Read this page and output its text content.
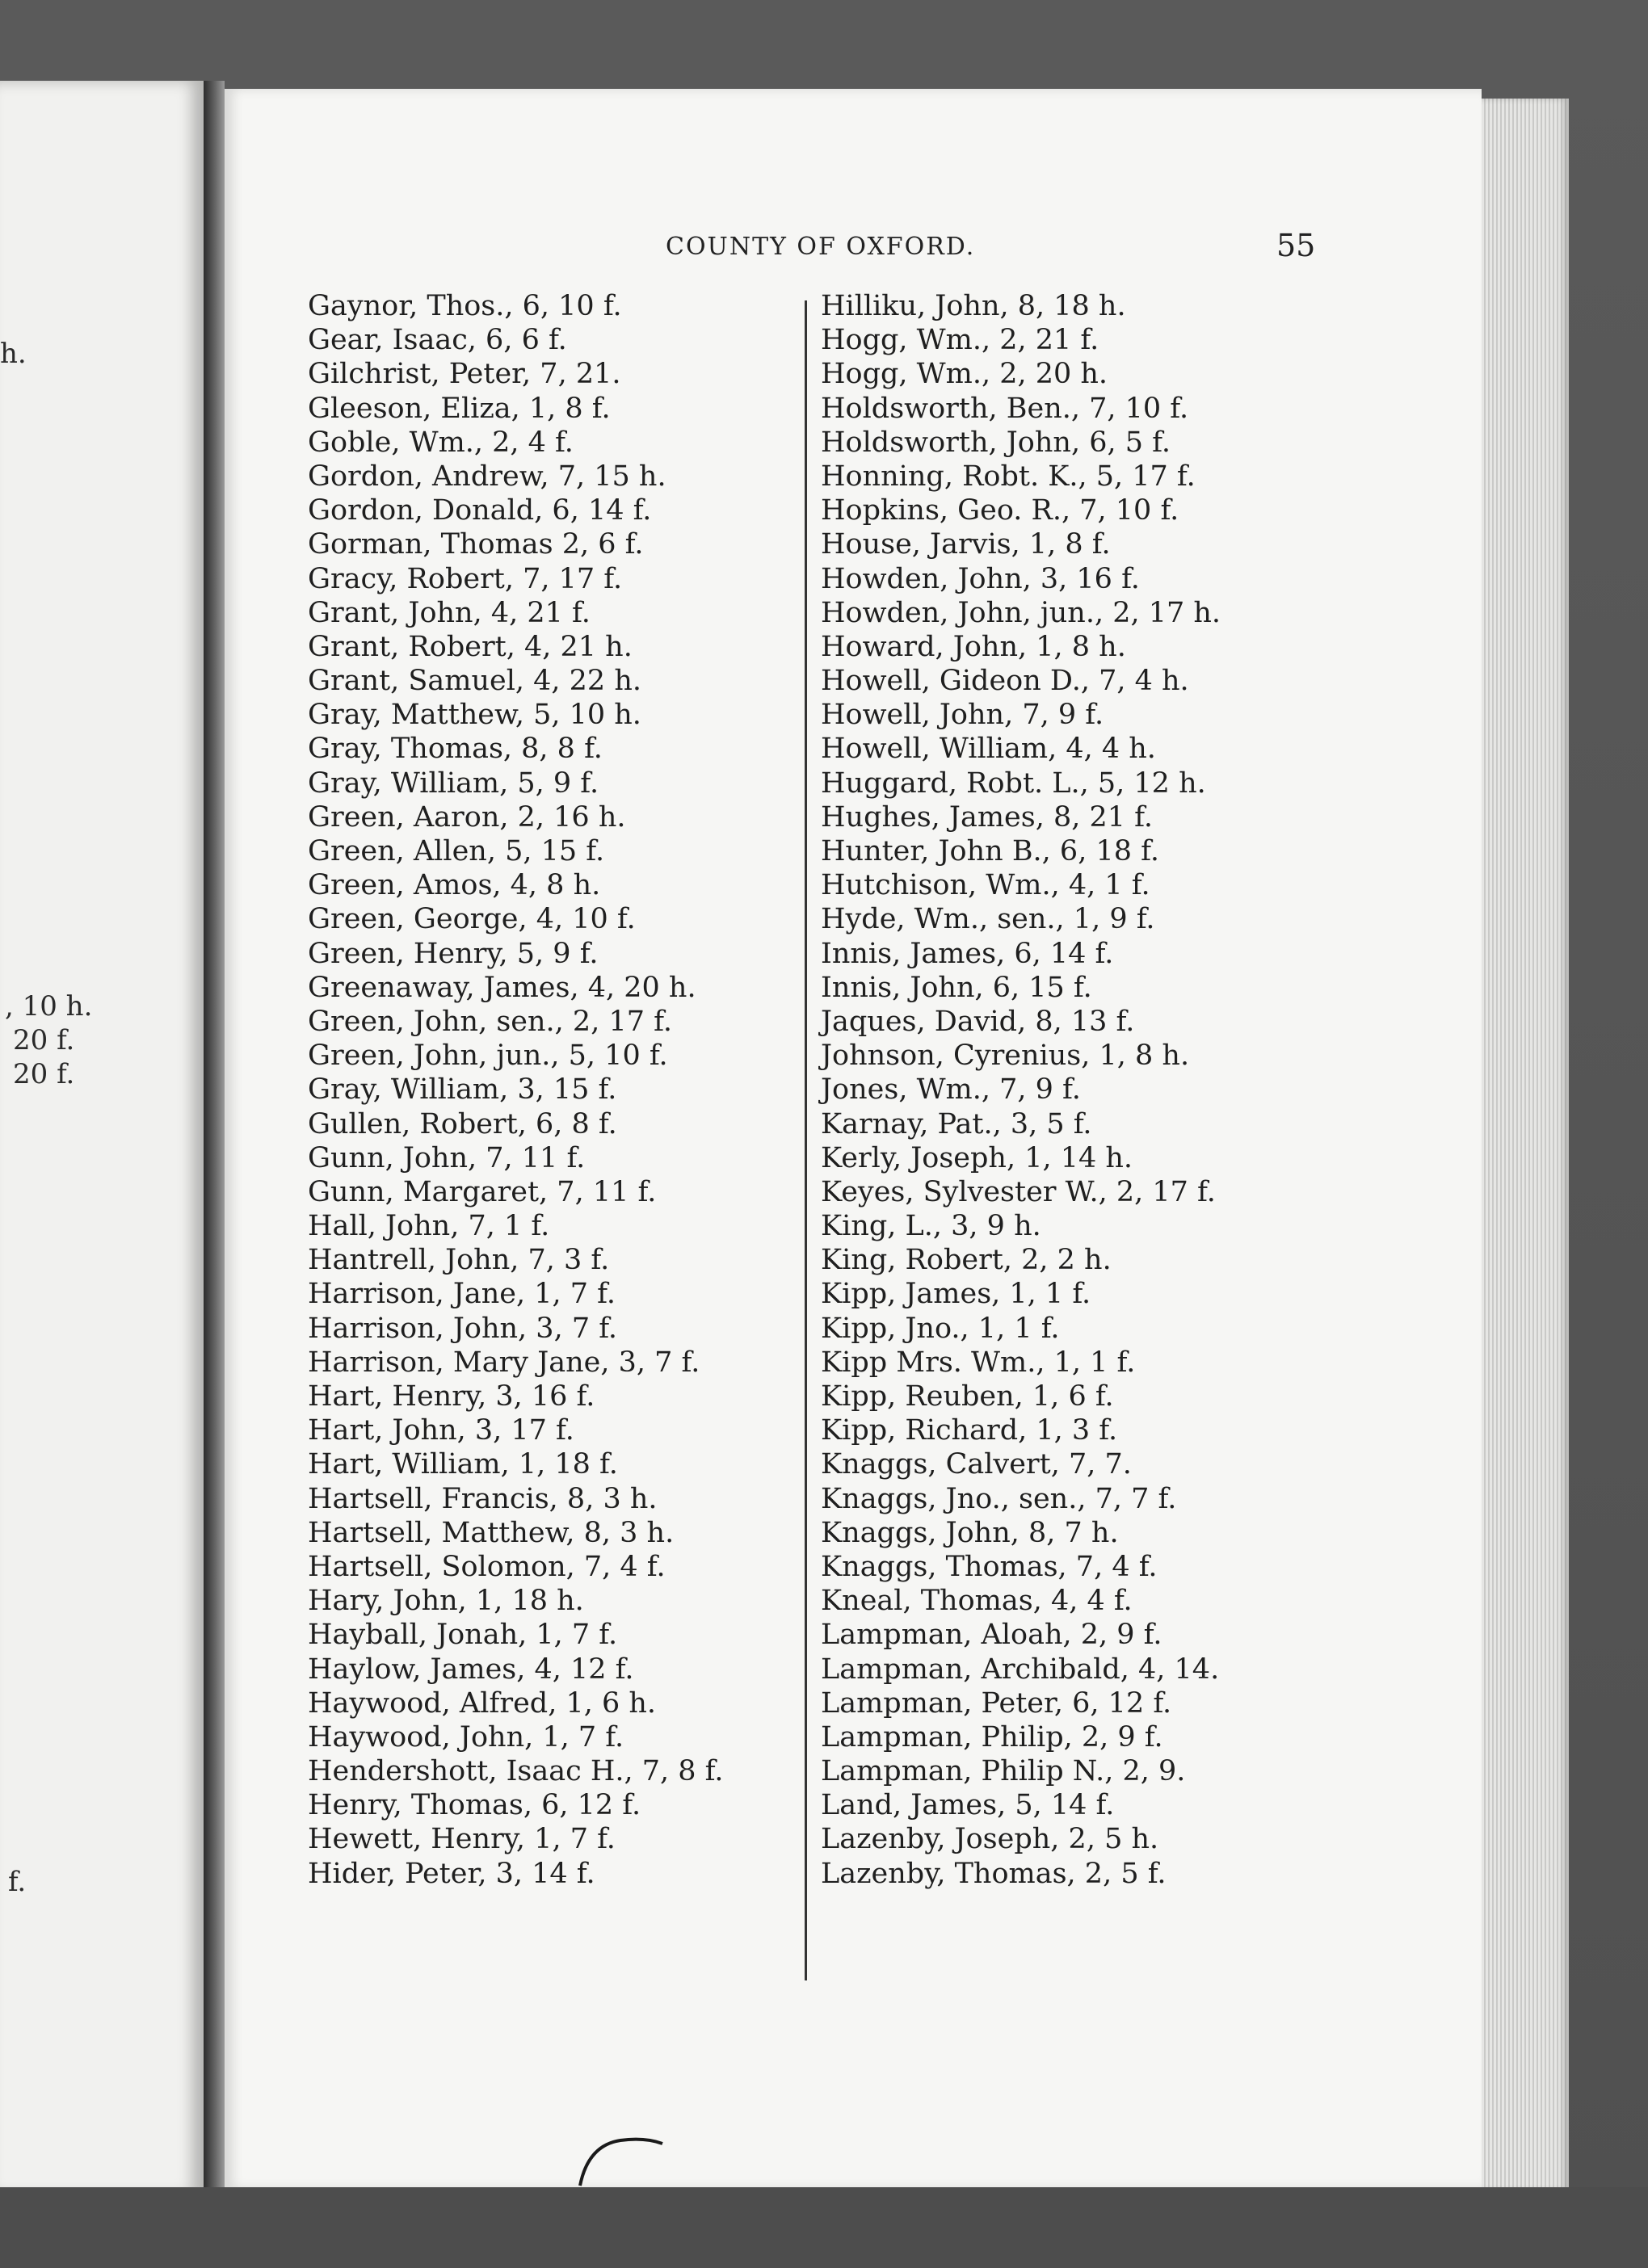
h.
, 10 h.
20 f.
20 f.
f.
COUNTY OF OXFORD.	55
Gaynor, Thos., 6, 10 f.
Gear, Isaac, 6, 6 f.
Gilchrist, Peter, 7, 21.
Gleeson, Eliza, 1, 8 f.
Goble, Wm., 2, 4 f.
Gordon, Andrew, 7, 15 h.
Gordon, Donald, 6, 14 f.
Gorman, Thomas 2, 6 f.
Gracy, Robert, 7, 17 f.
Grant, John, 4, 21 f.
Grant, Robert, 4, 21 h.
Grant, Samuel, 4, 22 h.
Gray, Matthew, 5, 10 h.
Gray, Thomas, 8, 8 f.
Gray, William, 5, 9 f.
Green, Aaron, 2, 16 h.
Green, Allen, 5, 15 f.
Green, Amos, 4, 8 h.
Green, George, 4, 10 f.
Green, Henry, 5, 9 f.
Greenaway, James, 4, 20 h.
Green, John, sen., 2, 17 f.
Green, John, jun., 5, 10 f.
Gray, William, 3, 15 f.
Gullen, Robert, 6, 8 f.
Gunn, John, 7, 11 f.
Gunn, Margaret, 7, 11 f.
Hall, John, 7, 1 f.
Hantrell, John, 7, 3 f.
Harrison, Jane, 1, 7 f.
Harrison, John, 3, 7 f.
Harrison, Mary Jane, 3, 7 f.
Hart, Henry, 3, 16 f.
Hart, John, 3, 17 f.
Hart, William, 1, 18 f.
Hartsell, Francis, 8, 3 h.
Hartsell, Matthew, 8, 3 h.
Hartsell, Solomon, 7, 4 f.
Hary, John, 1, 18 h.
Hayball, Jonah, 1, 7 f.
Haylow, James, 4, 12 f.
Haywood, Alfred, 1, 6 h.
Haywood, John, 1, 7 f.
Hendershott, Isaac H., 7, 8 f.
Henry, Thomas, 6, 12 f.
Hewett, Henry, 1, 7 f.
Hider, Peter, 3, 14 f.
Hilliku, John, 8, 18 h.
Hogg, Wm., 2, 21 f.
Hogg, Wm., 2, 20 h.
Holdsworth, Ben., 7, 10 f.
Holdsworth, John, 6, 5 f.
Honning, Robt. K., 5, 17 f.
Hopkins, Geo. R., 7, 10 f.
House, Jarvis, 1, 8 f.
Howden, John, 3, 16 f.
Howden, John, jun., 2, 17 h.
Howard, John, 1, 8 h.
Howell, Gideon D., 7, 4 h.
Howell, John, 7, 9 f.
Howell, William, 4, 4 h.
Huggard, Robt. L., 5, 12 h.
Hughes, James, 8, 21 f.
Hunter, John B., 6, 18 f.
Hutchison, Wm., 4, 1 f.
Hyde, Wm., sen., 1, 9 f.
Innis, James, 6, 14 f.
Innis, John, 6, 15 f.
Jaques, David, 8, 13 f.
Johnson, Cyrenius, 1, 8 h.
Jones, Wm., 7, 9 f.
Karnay, Pat., 3, 5 f.
Kerly, Joseph, 1, 14 h.
Keyes, Sylvester W., 2, 17 f.
King, L., 3, 9 h.
King, Robert, 2, 2 h.
Kipp, James, 1, 1 f.
Kipp, Jno., 1, 1 f.
Kipp Mrs. Wm., 1, 1 f.
Kipp, Reuben, 1, 6 f.
Kipp, Richard, 1, 3 f.
Knaggs, Calvert, 7, 7.
Knaggs, Jno., sen., 7, 7 f.
Knaggs, John, 8, 7 h.
Knaggs, Thomas, 7, 4 f.
Kneal, Thomas, 4, 4 f.
Lampman, Aloah, 2, 9 f.
Lampman, Archibald, 4, 14.
Lampman, Peter, 6, 12 f.
Lampman, Philip, 2, 9 f.
Lampman, Philip N., 2, 9.
Land, James, 5, 14 f.
Lazenby, Joseph, 2, 5 h.
Lazenby, Thomas, 2, 5 f.
